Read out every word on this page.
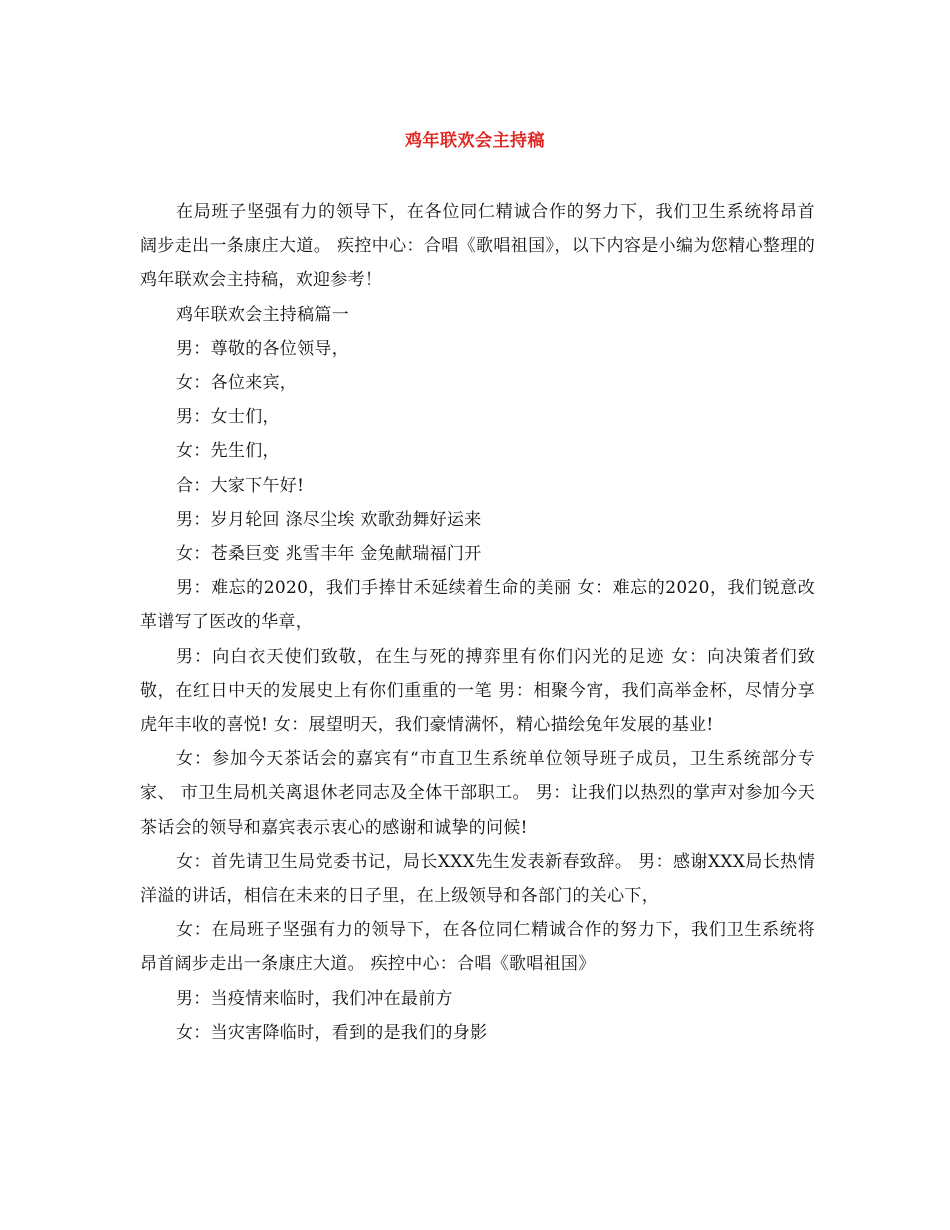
鸡年联欢会主持稿

在局班子坚强有力的领导下，在各位同仁精诚合作的努力下，我们卫生系统将昂首阔步走出一条康庄大道。 疾控中心：合唱《歌唱祖国》，以下内容是小编为您精心整理的鸡年联欢会主持稿，欢迎参考！

鸡年联欢会主持稿篇一

男：尊敬的各位领导，

女：各位来宾，

男：女士们，

女：先生们，

合：大家下午好!

男：岁月轮回 涤尽尘埃 欢歌劲舞好运来

女：苍桑巨变 兆雪丰年 金兔献瑞福门开

男：难忘的2020，我们手捧甘禾延续着生命的美丽 女：难忘的2020，我们锐意改革谱写了医改的华章，

男：向白衣天使们致敬，在生与死的搏弈里有你们闪光的足迹 女：向决策者们致敬，在红日中天的发展史上有你们重重的一笔 男：相聚今宵，我们高举金杯，尽情分享虎年丰收的喜悦! 女：展望明天，我们豪情满怀，精心描绘兔年发展的基业!

女：参加今天茶话会的嘉宾有“市直卫生系统单位领导班子成员，卫生系统部分专家、 市卫生局机关离退休老同志及全体干部职工。 男：让我们以热烈的掌声对参加今天茶话会的领导和嘉宾表示衷心的感谢和诚挚的问候!

女：首先请卫生局党委书记，局长XXX先生发表新春致辞。 男：感谢XXX局长热情洋溢的讲话，相信在未来的日子里，在上级领导和各部门的关心下，

女：在局班子坚强有力的领导下，在各位同仁精诚合作的努力下，我们卫生系统将昂首阔步走出一条康庄大道。 疾控中心：合唱《歌唱祖国》

男：当疫情来临时，我们冲在最前方

女：当灾害降临时，看到的是我们的身影
